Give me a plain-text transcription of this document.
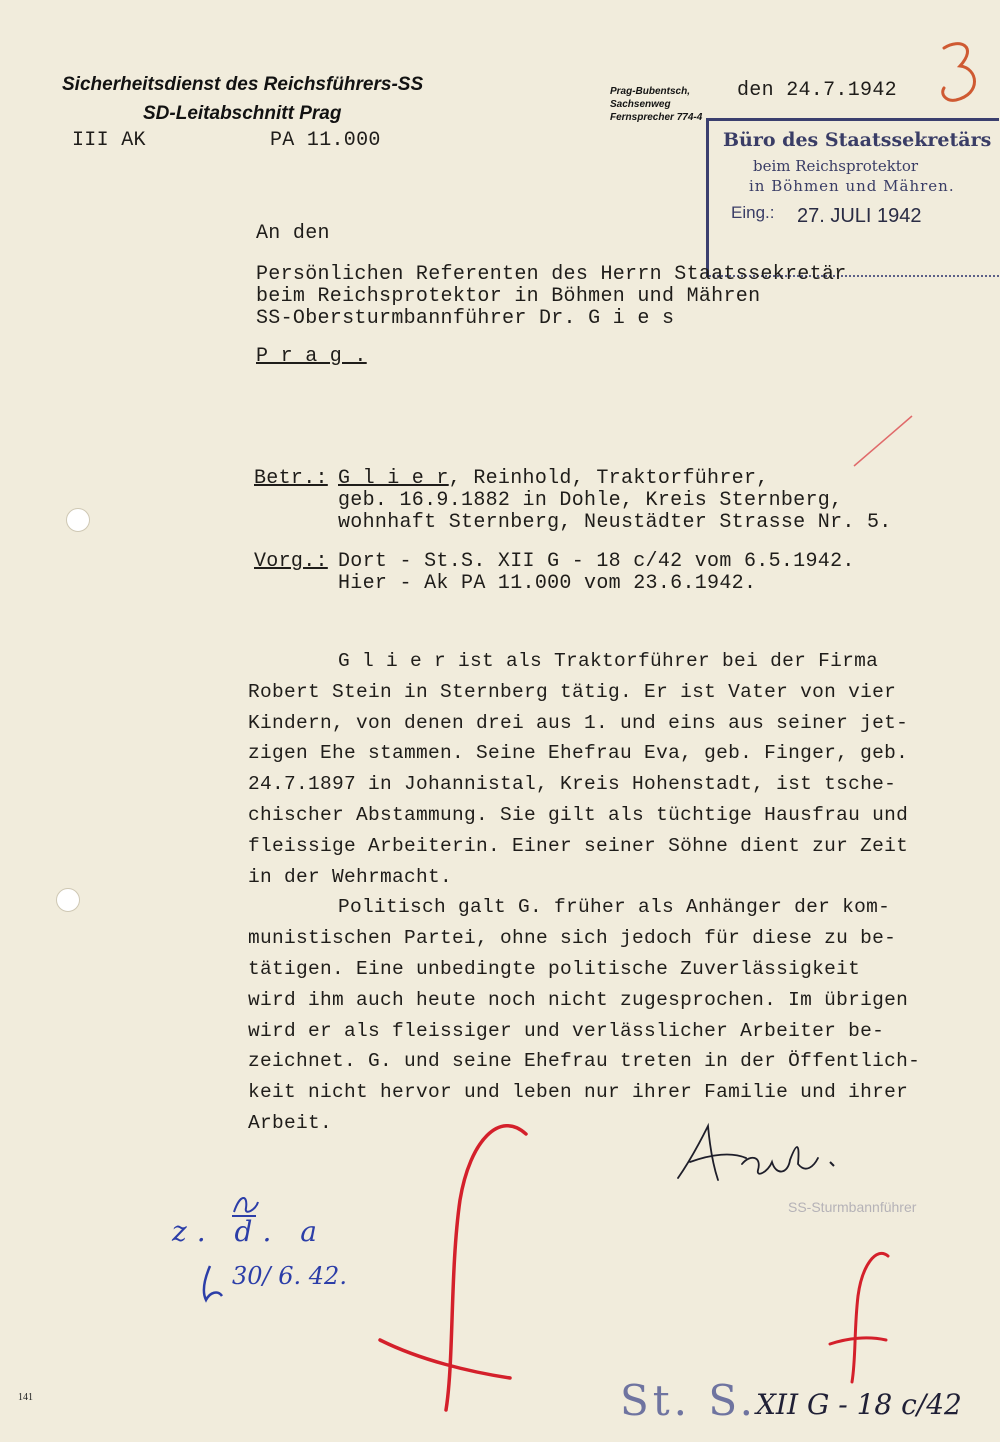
Sicherheitsdienst des Reichsführers-SS
SD-Leitabschnitt Prag
III AK	PA 11.000
Prag-Bubentsch,
Sachsenweg
Fernsprecher 774-4
den 24.7.1942
Büro des Staatssekretärs
beim Reichsprotektor
in Böhmen und Mähren.
Eing.: 27. JULI 1942
An den
Persönlichen Referenten des Herrn Staatssekretär
beim Reichsprotektor in Böhmen und Mähren
SS-Obersturmbannführer Dr. G i e s
P r a g .
Betr.: G l i e r, Reinhold, Traktorführer,
geb. 16.9.1882 in Dohle, Kreis Sternberg,
wohnhaft Sternberg, Neustädter Strasse Nr. 5.
Vorg.: Dort - St.S. XII G - 18 c/42 vom 6.5.1942.
Hier - Ak PA 11.000 vom 23.6.1942.
G l i e r ist als Traktorführer bei der Firma
Robert Stein in Sternberg tätig. Er ist Vater von vier
Kindern, von denen drei aus 1. und eins aus seiner jet-
zigen Ehe stammen. Seine Ehefrau Eva, geb. Finger, geb.
24.7.1897 in Johannistal, Kreis Hohenstadt, ist tsche-
chischer Abstammung. Sie gilt als tüchtige Hausfrau und
fleissige Arbeiterin. Einer seiner Söhne dient zur Zeit
in der Wehrmacht.
Politisch galt G. früher als Anhänger der kom-
munistischen Partei, ohne sich jedoch für diese zu be-
tätigen. Eine unbedingte politische Zuverlässigkeit
wird ihm auch heute noch nicht zugesprochen. Im übrigen
wird er als fleissiger und verlässlicher Arbeiter be-
zeichnet. G. und seine Ehefrau treten in der Öffentlich-
keit nicht hervor und leben nur ihrer Familie und ihrer
Arbeit.
SS-Sturmbannführer
z. d. a
30/ 6. 42.
St. S. XII G - 18 c/42
141
